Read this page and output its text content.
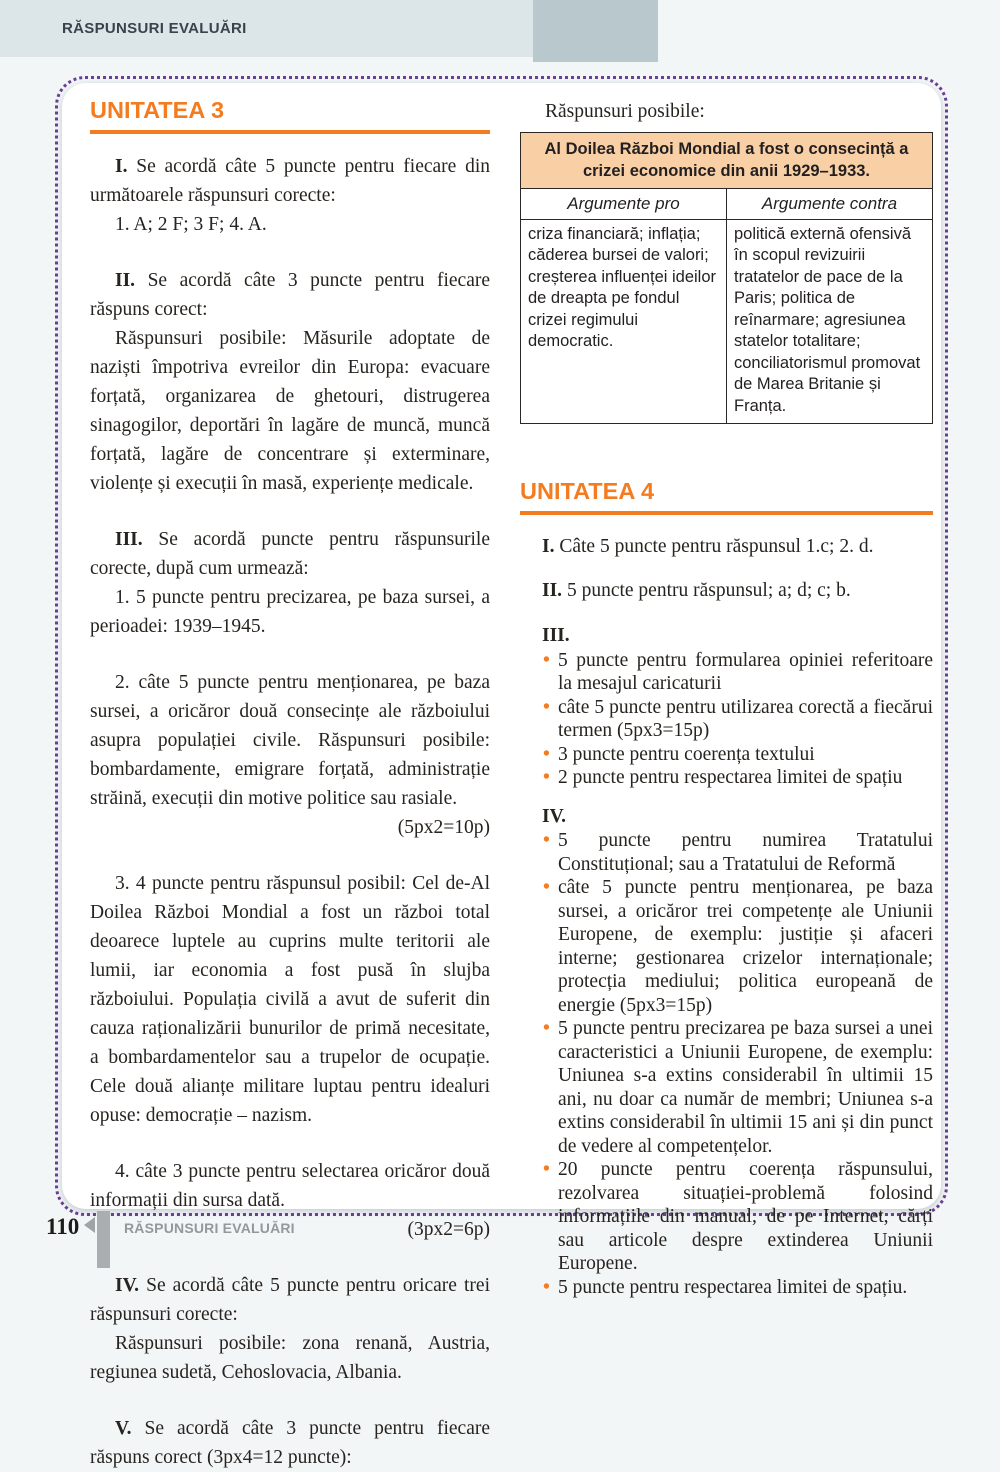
RĂSPUNSURI EVALUĂRI
UNITATEA 3

I. Se acordă câte 5 puncte pentru fiecare din următoarele răspunsuri corecte:

1. A; 2 F; 3 F; 4. A.

II. Se acordă câte 3 puncte pentru fiecare răspuns corect:

Răspunsuri posibile: Măsurile adoptate de naziști împotriva evreilor din Europa: evacuare forțată, organizarea de ghetouri, distrugerea sinagogilor, deportări în lagăre de muncă, muncă forțată, lagăre de concentrare și exterminare, violențe și execuții în masă, experiențe medicale.

III. Se acordă puncte pentru răspunsurile corecte, după cum urmează:

1. 5 puncte pentru precizarea, pe baza sursei, a perioadei: 1939–1945.

2. câte 5 puncte pentru menționarea, pe baza sursei, a oricăror două consecințe ale războiului asupra populației civile. Răspunsuri posibile: bombardamente, emigrare forțată, administrație străină, execuții din motive politice sau rasiale.

(5px2=10p)

3. 4 puncte pentru răspunsul posibil: Cel de-Al Doilea Război Mondial a fost un război total deoarece luptele au cuprins multe teritorii ale lumii, iar economia a fost pusă în slujba războiului. Populația civilă a avut de suferit din cauza raționalizării bunurilor de primă necesitate, a bombardamentelor sau a trupelor de ocupație. Cele două alianțe militare luptau pentru idealuri opuse: democrație – nazism.

4. câte 3 puncte pentru selectarea oricăror două informații din sursa dată.

(3px2=6p)

IV. Se acordă câte 5 puncte pentru oricare trei răspunsuri corecte:

Răspunsuri posibile: zona renană, Austria, regiunea sudetă, Cehoslovacia, Albania.

V. Se acordă câte 3 puncte pentru fiecare răspuns corect (3px4=12 puncte):

Răspunsuri posibile:

Al Doilea Război Mondial a fost o consecință a crizei economice din anii 1929–1933.	
Argumente pro	Argumente contra
criza financiară; inflația; căderea bursei de valori; creșterea influenței ideilor de dreapta pe fondul crizei regimului democratic.	politică externă ofensivă în scopul revizuirii tratatelor de pace de la Paris; politica de reînarmare; agresiunea statelor totalitare; conciliatorismul promovat de Marea Britanie și Franța.
UNITATEA 4

I. Câte 5 puncte pentru răspunsul 1.c; 2. d.

II. 5 puncte pentru răspunsul; a; d; c; b.

III.

• 5 puncte pentru formularea opiniei referitoare la mesajul caricaturii
• câte 5 puncte pentru utilizarea corectă a fiecărui termen (5px3=15p)
• 3 puncte pentru coerența textului
• 2 puncte pentru respectarea limitei de spațiu

IV.

• 5 puncte pentru numirea Tratatului Constituțional; sau a Tratatului de Reformă
• câte 5 puncte pentru menționarea, pe baza sursei, a oricăror trei competențe ale Uniunii Europene, de exemplu: justiție și afaceri interne; gestionarea crizelor internaționale; protecția mediului; politica europeană de energie (5px3=15p)
• 5 puncte pentru precizarea pe baza sursei a unei caracteristici a Uniunii Europene, de exemplu: Uniunea s-a extins considerabil în ultimii 15 ani, nu doar ca număr de membri; Uniunea s-a extins considerabil în ultimii 15 ani și din punct de vedere al competențelor.
• 20 puncte pentru coerența răspunsului, rezolvarea situației-problemă folosind informațiile din manual, de pe Internet, cărți sau articole despre extinderea Uniunii Europene.
• 5 puncte pentru respectarea limitei de spațiu.
110	RĂSPUNSURI EVALUĂRI
